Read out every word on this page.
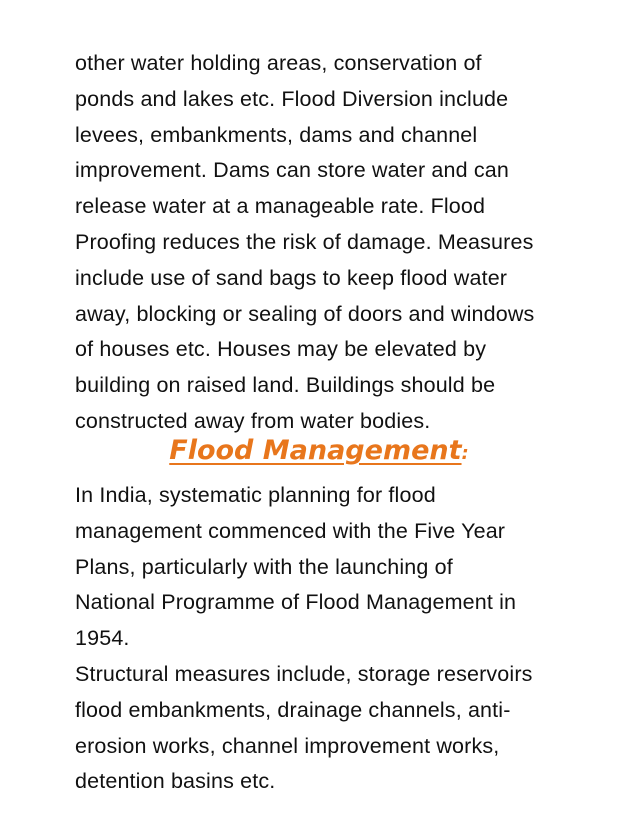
other water holding areas, conservation of
ponds and lakes etc. Flood Diversion include
levees, embankments, dams and channel
improvement. Dams can store water and can
release water at a manageable rate. Flood
Proofing reduces the risk of damage. Measures
include use of sand bags to keep flood water
away, blocking or sealing of doors and windows
of houses etc. Houses may be elevated by
building on raised land. Buildings should be
constructed away from water bodies.

Flood Management:

In India, systematic planning for flood
management commenced with the Five Year
Plans, particularly with the launching of
National Programme of Flood Management in
1954.

Structural measures include, storage reservoirs
flood embankments, drainage channels, anti-
erosion works, channel improvement works,
detention basins etc.
